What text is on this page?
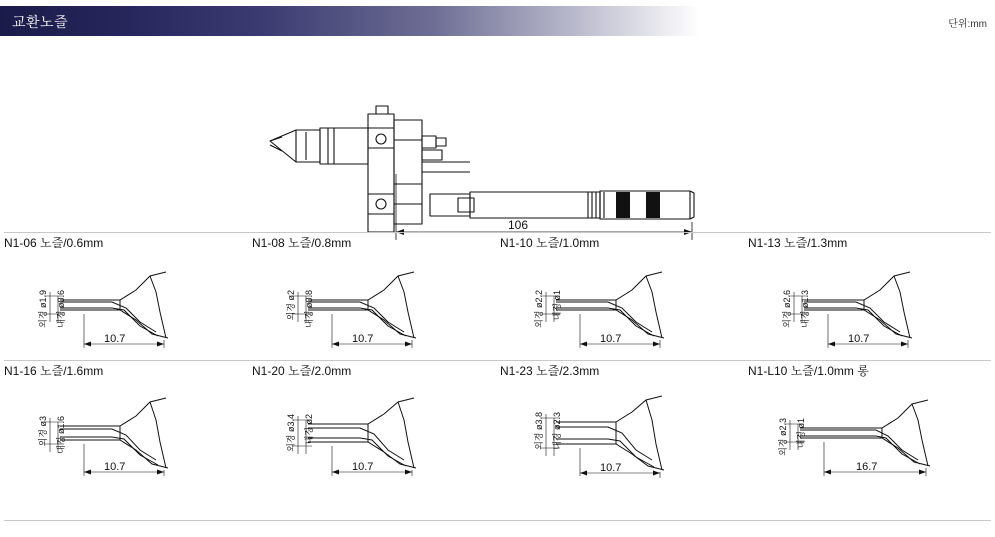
교환노즐	단위:mm
106
N1-06 노즐/0.6mm
외경 ø1.9 내경 ø0.6
10.7
N1-08 노즐/0.8mm
외경 ø2 내경 ø0.8
10.7
N1-10 노즐/1.0mm
외경 ø2.2 내경 ø1
10.7
N1-13 노즐/1.3mm
외경 ø2.6 내경 ø1.3
10.7
N1-16 노즐/1.6mm
외경 ø3 내경 ø1.6
10.7
N1-20 노즐/2.0mm
외경 ø3.4 내경 ø2
10.7
N1-23 노즐/2.3mm
외경 ø3.8 내경 ø2.3
10.7
N1-L10 노즐/1.0mm 롱
외경 ø2.3 내경 ø1
16.7
